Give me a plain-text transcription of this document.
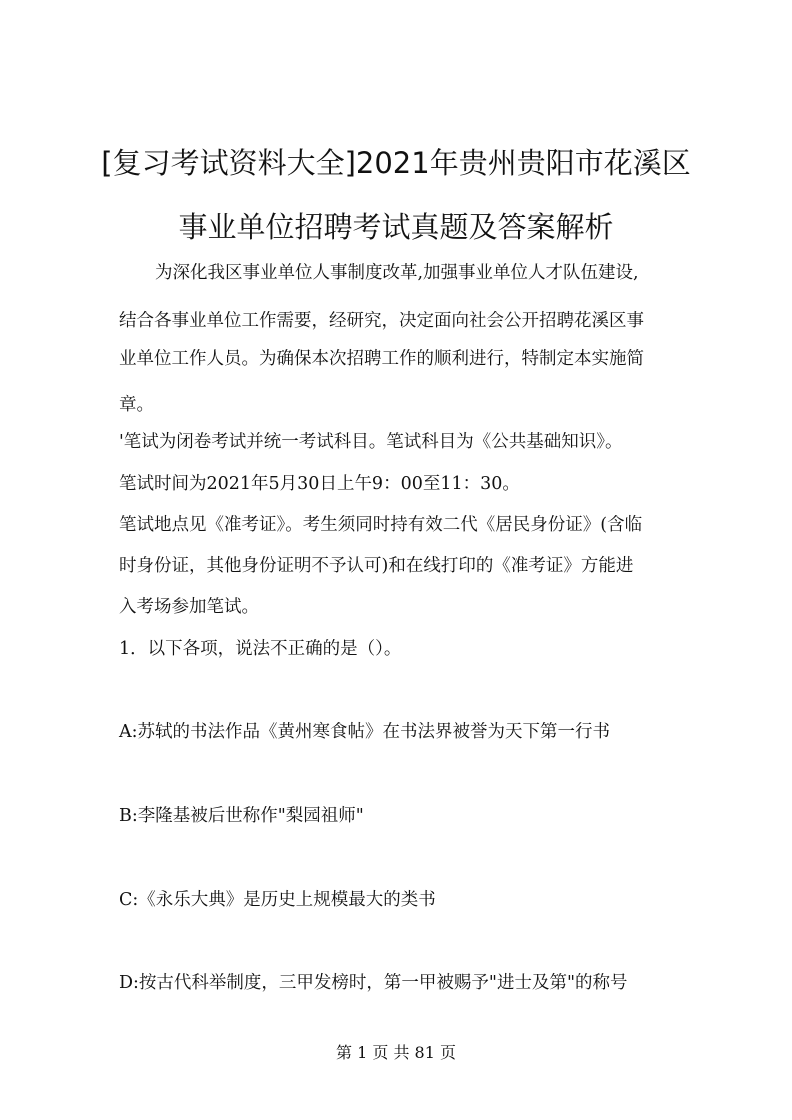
[复习考试资料大全]2021年贵州贵阳市花溪区
事业单位招聘考试真题及答案解析
为深化我区事业单位人事制度改革,加强事业单位人才队伍建设,
结合各事业单位工作需要，经研究，决定面向社会公开招聘花溪区事
业单位工作人员。为确保本次招聘工作的顺利进行，特制定本实施简
章。
'笔试为闭卷考试并统一考试科目。笔试科目为《公共基础知识》。
笔试时间为2021年5月30日上午9：00至11：30。
笔试地点见《准考证》。考生须同时持有效二代《居民身份证》(含临
时身份证，其他身份证明不予认可)和在线打印的《准考证》方能进
入考场参加笔试。
1．以下各项，说法不正确的是（）。
A:苏轼的书法作品《黄州寒食帖》在书法界被誉为天下第一行书
B:李隆基被后世称作"梨园祖师"
C:《永乐大典》是历史上规模最大的类书
D:按古代科举制度，三甲发榜时，第一甲被赐予"进士及第"的称号
第 1 页 共 81 页
